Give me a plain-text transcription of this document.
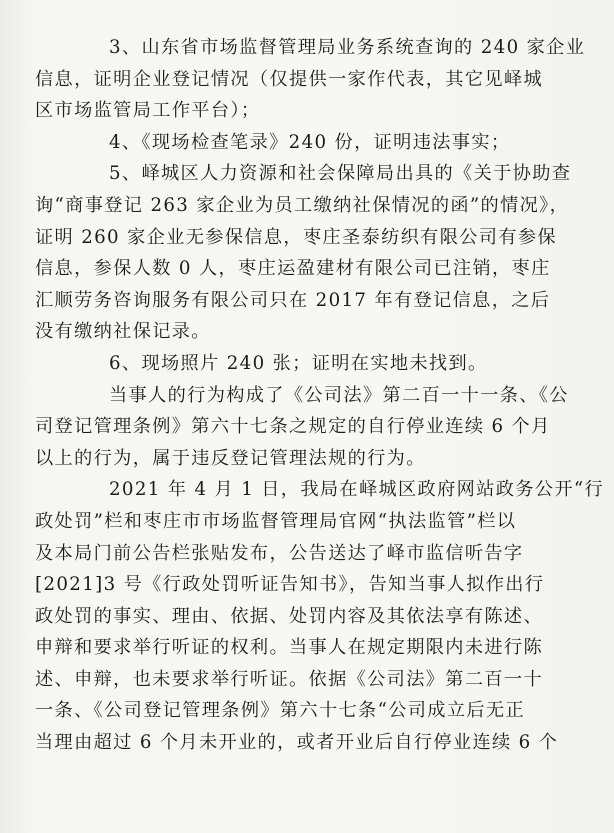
3、山东省市场监督管理局业务系统查询的 240 家企业
信息，证明企业登记情况（仅提供一家作代表，其它见峄城
区市场监管局工作平台）；
4、《现场检查笔录》240 份，证明违法事实；
5、峄城区人力资源和社会保障局出具的《关于协助查
询“商事登记 263 家企业为员工缴纳社保情况的函”的情况》，
证明 260 家企业无参保信息，枣庄圣泰纺织有限公司有参保
信息，参保人数 0 人，枣庄运盈建材有限公司已注销，枣庄
汇顺劳务咨询服务有限公司只在 2017 年有登记信息，之后
没有缴纳社保记录。
6、现场照片 240 张；证明在实地未找到。
当事人的行为构成了《公司法》第二百一十一条、《公
司登记管理条例》第六十七条之规定的自行停业连续 6 个月
以上的行为，属于违反登记管理法规的行为。
2021 年 4 月 1 日，我局在峄城区政府网站政务公开“行
政处罚”栏和枣庄市市场监督管理局官网“执法监管”栏以
及本局门前公告栏张贴发布，公告送达了峄市监信听告字
[2021]3 号《行政处罚听证告知书》，告知当事人拟作出行
政处罚的事实、理由、依据、处罚内容及其依法享有陈述、
申辩和要求举行听证的权利。当事人在规定期限内未进行陈
述、申辩，也未要求举行听证。依据《公司法》第二百一十
一条、《公司登记管理条例》第六十七条“公司成立后无正
当理由超过 6 个月未开业的，或者开业后自行停业连续 6 个
